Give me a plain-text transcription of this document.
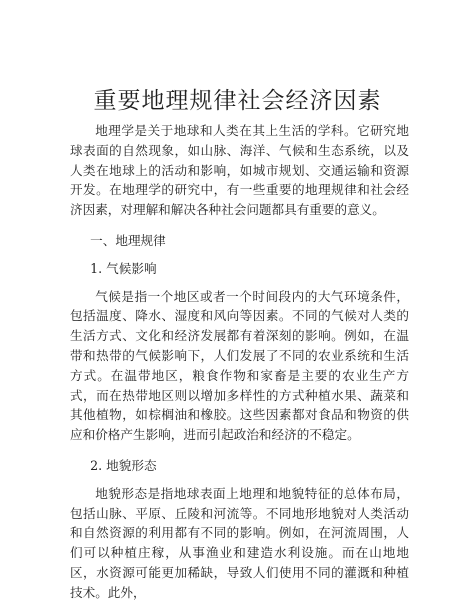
重要地理规律社会经济因素

地理学是关于地球和人类在其上生活的学科。它研究地球表面的自然现象，如山脉、海洋、气候和生态系统，以及人类在地球上的活动和影响，如城市规划、交通运输和资源开发。在地理学的研究中，有一些重要的地理规律和社会经济因素，对理解和解决各种社会问题都具有重要的意义。

一、地理规律

1. 气候影响

气候是指一个地区或者一个时间段内的大气环境条件，包括温度、降水、湿度和风向等因素。不同的气候对人类的生活方式、文化和经济发展都有着深刻的影响。例如，在温带和热带的气候影响下，人们发展了不同的农业系统和生活方式。在温带地区，粮食作物和家畜是主要的农业生产方式，而在热带地区则以增加多样性的方式种植水果、蔬菜和其他植物，如棕榈油和橡胶。这些因素都对食品和物资的供应和价格产生影响，进而引起政治和经济的不稳定。

2. 地貌形态

地貌形态是指地球表面上地理和地貌特征的总体布局，包括山脉、平原、丘陵和河流等。不同地形地貌对人类活动和自然资源的利用都有不同的影响。例如，在河流周围，人们可以种植庄稼，从事渔业和建造水利设施。而在山地地区，水资源可能更加稀缺，导致人们使用不同的灌溉和种植技术。此外，
